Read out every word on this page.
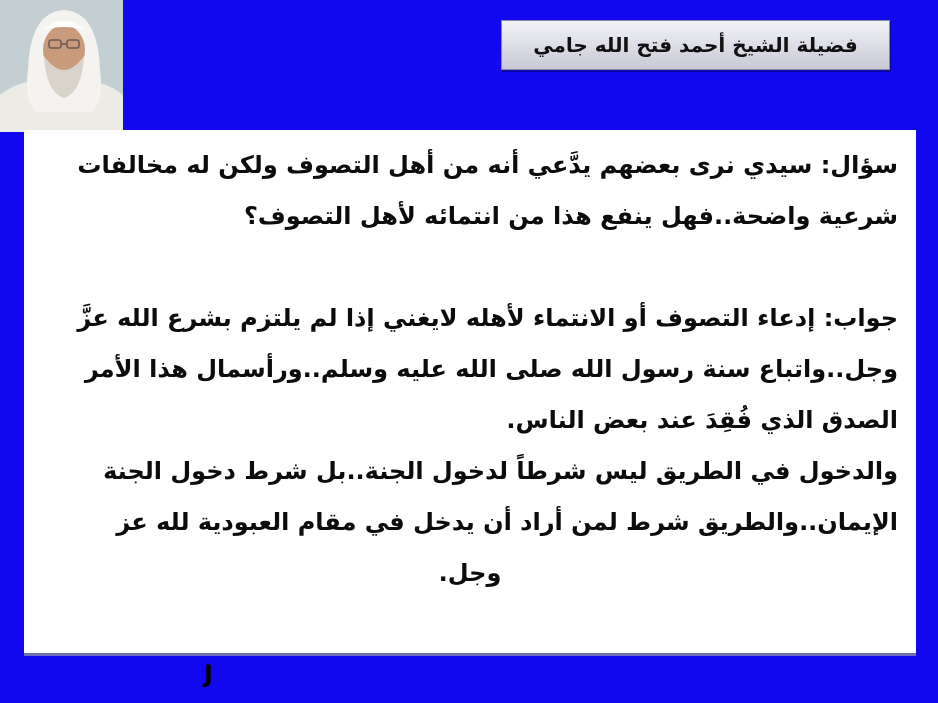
فضيلة الشيخ أحمد فتح الله جامي

سؤال: سيدي نرى بعضهم يدَّعي أنه من أهل التصوف ولكن له مخالفات شرعية واضحة..فهل ينفع هذا من انتمائه لأهل التصوف؟

جواب: إدعاء التصوف أو الانتماء لأهله لايغني إذا لم يلتزم بشرع الله عزَّ وجل..واتباع سنة رسول الله صلى الله عليه وسلم..ورأسمال هذا الأمر الصدق الذي فُقِدَ عند بعض الناس.

والدخول في الطريق ليس شرطاً لدخول الجنة..بل شرط دخول الجنة الإيمان..والطريق شرط لمن أراد أن يدخل في مقام العبودية لله عز

وجل.

J
